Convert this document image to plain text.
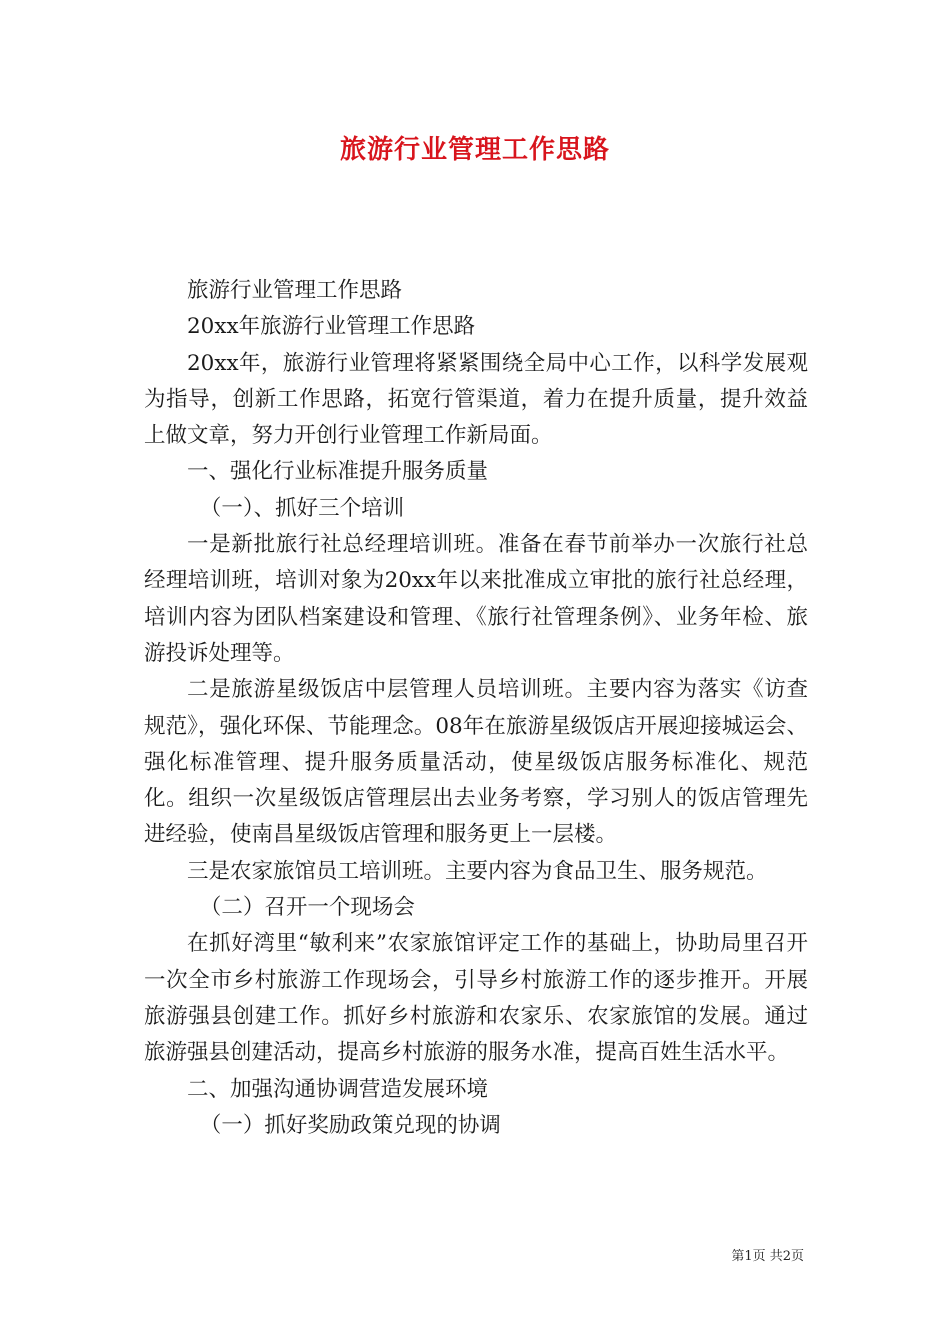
旅游行业管理工作思路

旅游行业管理工作思路

20xx年旅游行业管理工作思路

20xx年，旅游行业管理将紧紧围绕全局中心工作，以科学发展观为指导，创新工作思路，拓宽行管渠道，着力在提升质量，提升效益上做文章，努力开创行业管理工作新局面。

一、强化行业标准提升服务质量

（一）、抓好三个培训

一是新批旅行社总经理培训班。准备在春节前举办一次旅行社总经理培训班，培训对象为20xx年以来批准成立审批的旅行社总经理，培训内容为团队档案建设和管理、《旅行社管理条例》、业务年检、旅游投诉处理等。

二是旅游星级饭店中层管理人员培训班。主要内容为落实《访查规范》，强化环保、节能理念。08年在旅游星级饭店开展迎接城运会、强化标准管理、提升服务质量活动，使星级饭店服务标准化、规范化。组织一次星级饭店管理层出去业务考察，学习别人的饭店管理先进经验，使南昌星级饭店管理和服务更上一层楼。

三是农家旅馆员工培训班。主要内容为食品卫生、服务规范。

（二）召开一个现场会

在抓好湾里“敏利来”农家旅馆评定工作的基础上，协助局里召开一次全市乡村旅游工作现场会，引导乡村旅游工作的逐步推开。开展旅游强县创建工作。抓好乡村旅游和农家乐、农家旅馆的发展。通过旅游强县创建活动，提高乡村旅游的服务水准，提高百姓生活水平。

二、加强沟通协调营造发展环境

（一）抓好奖励政策兑现的协调

第1页 共2页
